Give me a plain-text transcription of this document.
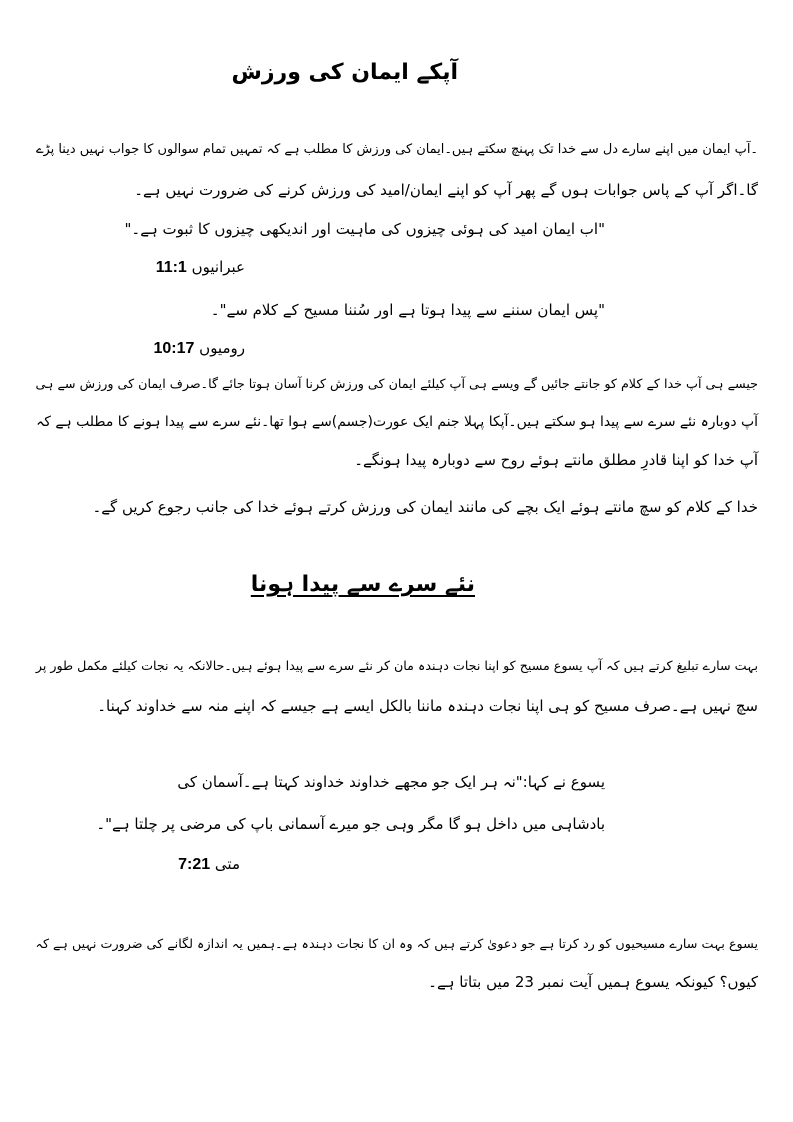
آپکے ایمان کی ورزش
۔آپ ایمان میں اپنے سارے دل سے خدا تک پہنچ سکتے ہیں۔ایمان کی ورزش کا مطلب ہے کہ تمہیں تمام سوالوں کا جواب نہیں دینا پڑے
گا۔اگر آپ کے پاس جوابات ہوں گے پھر آپ کو اپنے ایمان/امید کی ورزش کرنے کی ضرورت نہیں ہے۔
"اب ایمان امید کی ہوئی چیزوں کی ماہیت اور اندیکھی چیزوں کا ثبوت ہے۔"
عبرانیوں 11:1
"پس ایمان سننے سے پیدا ہوتا ہے اور سُننا مسیح کے کلام سے"۔
رومیوں 10:17
جیسے ہی آپ خدا کے کلام کو جانتے جائیں گے ویسے ہی آپ کیلئے ایمان کی ورزش کرنا آسان ہوتا جائے گا۔صرف ایمان کی ورزش سے ہی
آپ دوبارہ نئے سرے سے پیدا ہو سکتے ہیں۔آپکا پہلا جنم ایک عورت(جسم)سے ہوا تھا۔نئے سرے سے پیدا ہونے کا مطلب ہے کہ
آپ خدا کو اپنا قادرِ مطلق مانتے ہوئے روح سے دوبارہ پیدا ہونگے۔
خدا کے کلام کو سچ مانتے ہوئے ایک بچے کی مانند ایمان کی ورزش کرتے ہوئے خدا کی جانب رجوع کریں گے۔
نئے سرے سے پیدا ہونا
بہت سارے تبلیغ کرتے ہیں کہ آپ یسوع مسیح کو اپنا نجات دہندہ مان کر نئے سرے سے پیدا ہوئے ہیں۔حالانکہ یہ نجات کیلئے مکمل طور پر
سچ نہیں ہے۔صرف مسیح کو ہی اپنا نجات دہندہ ماننا بالکل ایسے ہے جیسے کہ اپنے منہ سے خداوند کہنا۔
یسوع نے کہا:"نہ ہر ایک جو مجھے خداوند خداوند کہتا ہے۔آسمان کی
بادشاہی میں داخل ہو گا مگر وہی جو میرے آسمانی باپ کی مرضی پر چلتا ہے"۔
متی 7:21
یسوع بہت سارے مسیحیوں کو رد کرتا ہے جو دعویٰ کرتے ہیں کہ وہ ان کا نجات دہندہ ہے۔ہمیں یہ اندازہ لگانے کی ضرورت نہیں ہے کہ
کیوں؟ کیونکہ یسوع ہمیں آیت نمبر 23 میں بتاتا ہے۔
